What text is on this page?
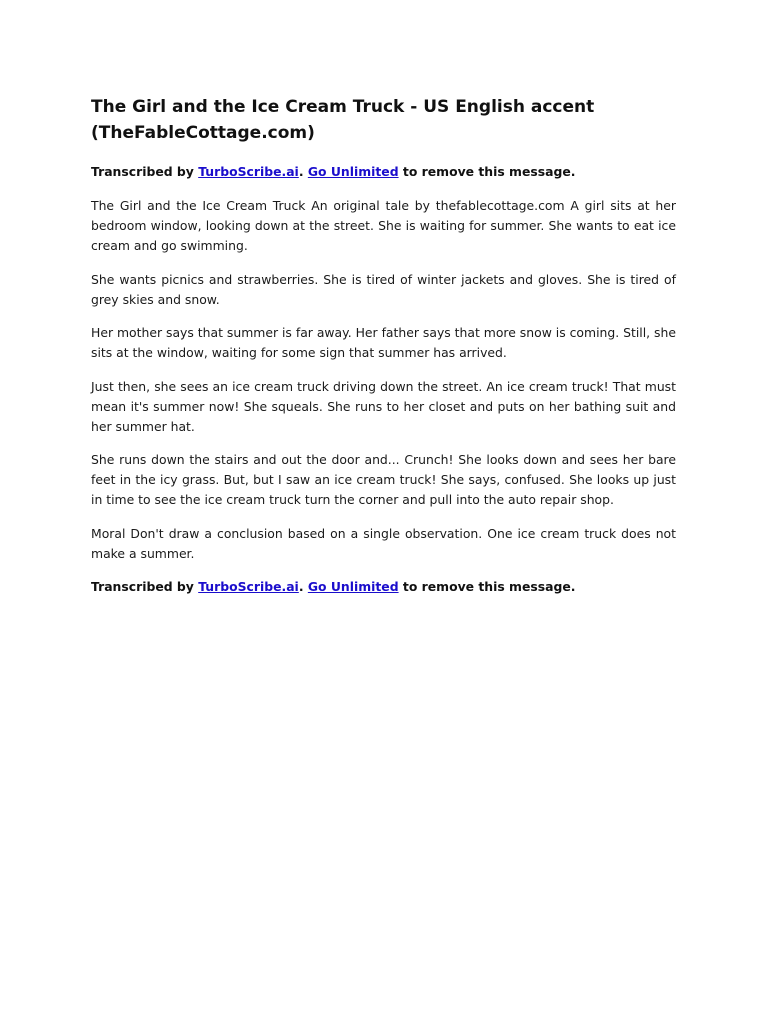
The Girl and the Ice Cream Truck - US English accent (TheFableCottage.com)

Transcribed by TurboScribe.ai. Go Unlimited to remove this message.

The Girl and the Ice Cream Truck An original tale by thefablecottage.com A girl sits at her bedroom window, looking down at the street. She is waiting for summer. She wants to eat ice cream and go swimming.

She wants picnics and strawberries. She is tired of winter jackets and gloves. She is tired of grey skies and snow.

Her mother says that summer is far away. Her father says that more snow is coming. Still, she sits at the window, waiting for some sign that summer has arrived.

Just then, she sees an ice cream truck driving down the street. An ice cream truck! That must mean it's summer now! She squeals. She runs to her closet and puts on her bathing suit and her summer hat.

She runs down the stairs and out the door and... Crunch! She looks down and sees her bare feet in the icy grass. But, but I saw an ice cream truck! She says, confused. She looks up just in time to see the ice cream truck turn the corner and pull into the auto repair shop.

Moral Don't draw a conclusion based on a single observation. One ice cream truck does not make a summer.

Transcribed by TurboScribe.ai. Go Unlimited to remove this message.
